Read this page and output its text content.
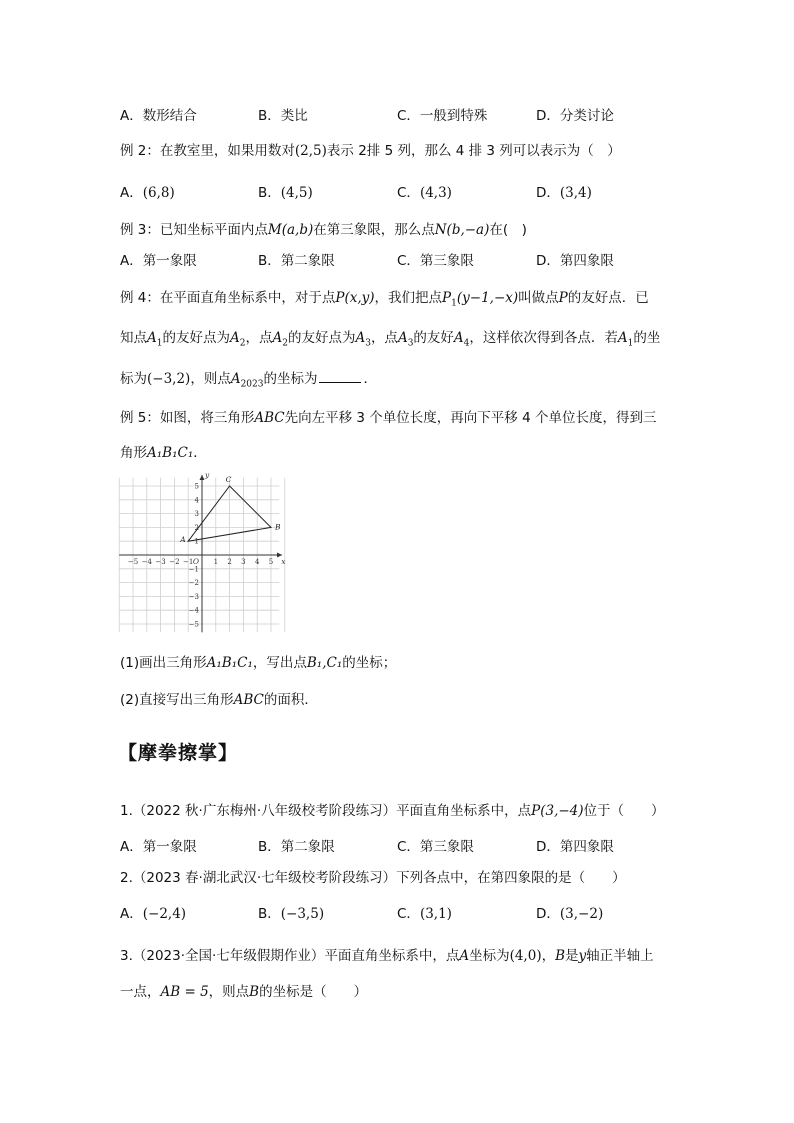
A．数形结合	B．类比	C．一般到特殊	D．分类讨论
例 2：在教室里，如果用数对(2,5)表示 2排 5 列，那么 4 排 3 列可以表示为（　）
A．(6,8)	B．(4,5)	C．(4,3)	D．(3,4)
例 3：已知坐标平面内点M(a,b)在第三象限，那么点N(b,−a)在(　)
A．第一象限	B．第二象限	C．第三象限	D．第四象限
例 4：在平面直角坐标系中，对于点P(x,y)，我们把点$P_1(y-1,-x)$叫做点P的友好点．已
知点$A_1$的友好点为$A_2$，点$A_2$的友好点为$A_3$，点$A_3$的友好$A_4$，这样依次得到各点．若$A_1$的坐
标为(−3,2)，则点$A_{2023}$的坐标为	．
例 5：如图，将三角形ABC先向左平移 3 个单位长度，再向下平移 4 个单位长度，得到三
角形A₁B₁C₁．
−5 −4 −3 −2 −1	1 2 3 4 5
5
4
3
2
1
−1
−2
−3
−4
−5
O	x
y
A
B
C
(1)画出三角形A₁B₁C₁，写出点B₁,C₁的坐标；
(2)直接写出三角形ABC的面积．
【摩拳擦掌】
1.（2022 秋·广东梅州·八年级校考阶段练习）平面直角坐标系中，点P(3,−4)位于（　　）
A．第一象限	B．第二象限	C．第三象限	D．第四象限
2.（2023 春·湖北武汉·七年级校考阶段练习）下列各点中，在第四象限的是（　　）
A．(−2,4)	B．(−3,5)	C．(3,1)	D．(3,−2)
3.（2023·全国·七年级假期作业）平面直角坐标系中，点A坐标为(4,0)，B是y轴正半轴上
一点，AB = 5，则点B的坐标是（　　）
